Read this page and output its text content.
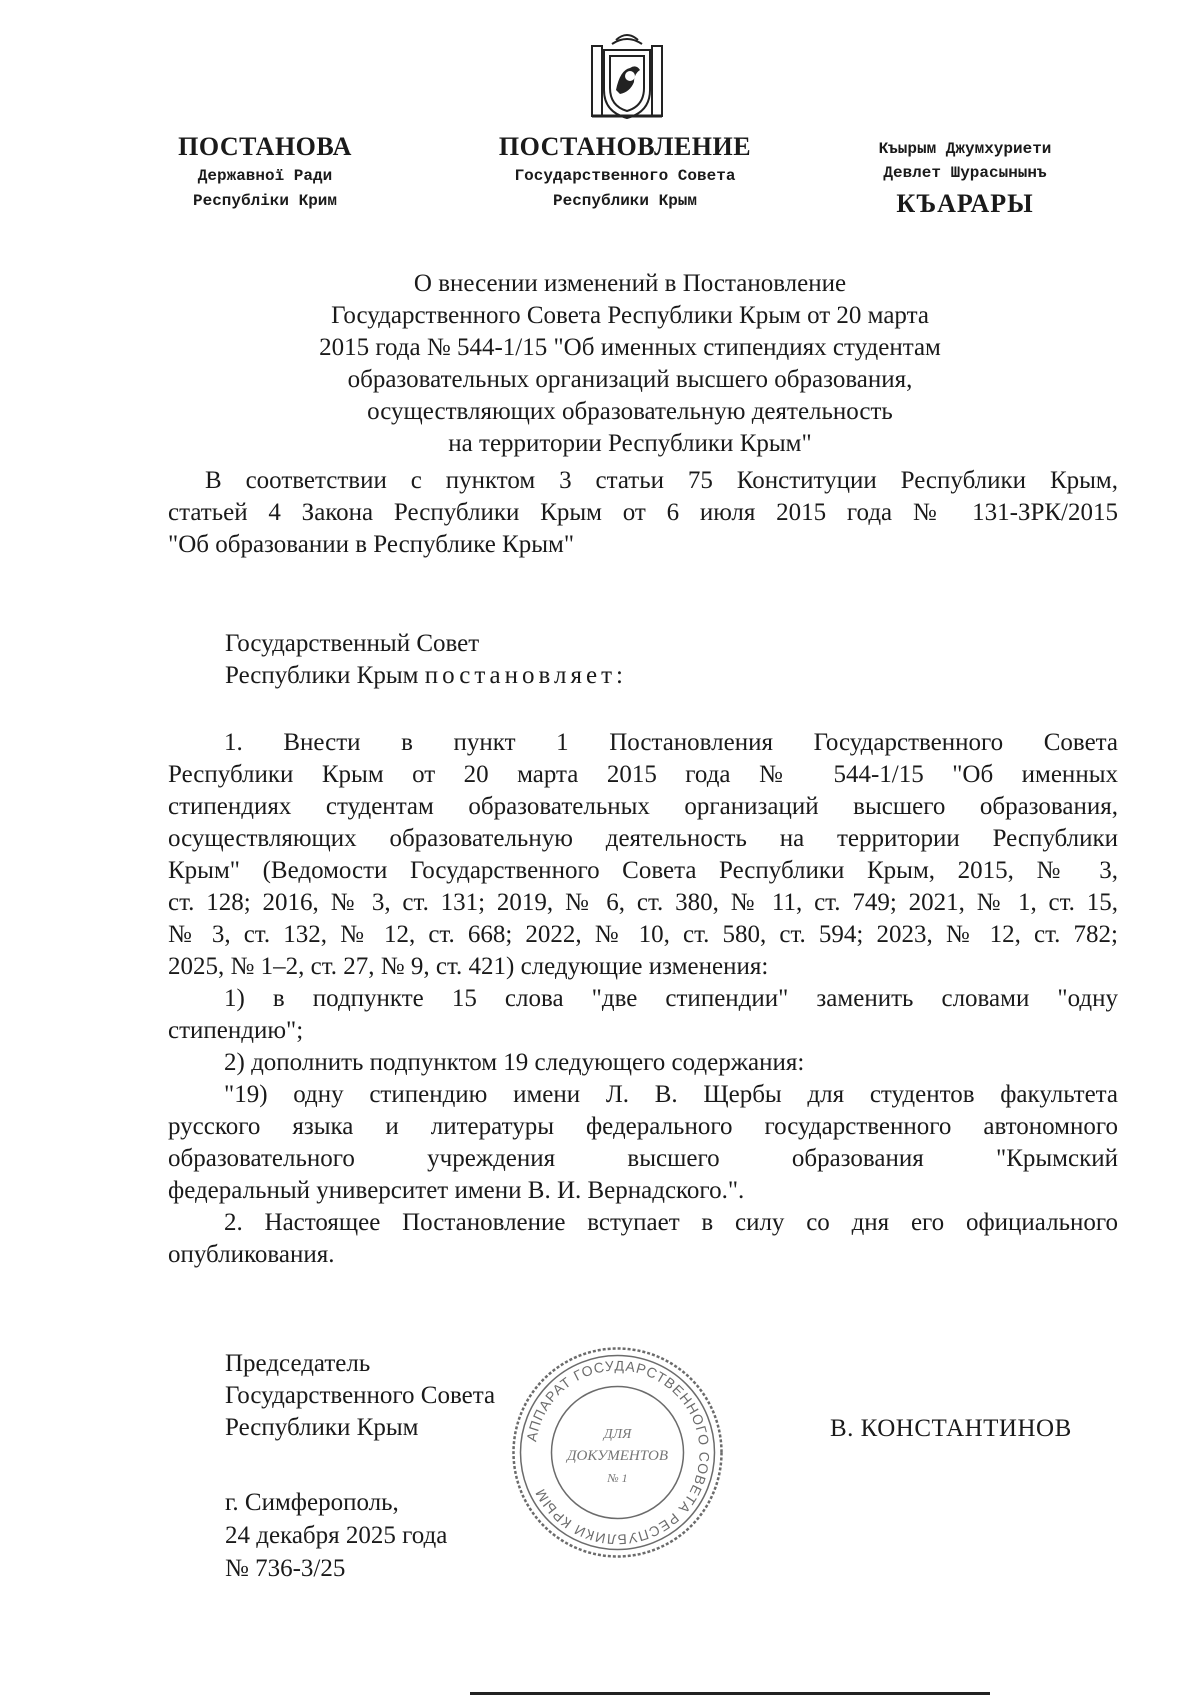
ПОСТАНОВА
Державної Ради
Республіки Крим
ПОСТАНОВЛЕНИЕ
Государственного Совета
Республики Крым
Къырым Джумхуриети
Девлет Шурасынынъ
КЪАРАРЫ
О внесении изменений в Постановление
Государственного Совета Республики Крым от 20 марта
2015 года № 544-1/15 "Об именных стипендиях студентам
образовательных организаций высшего образования,
осуществляющих образовательную деятельность
на территории Республики Крым"
В соответствии с пунктом 3 статьи 75 Конституции Республики Крым,
статьей 4 Закона Республики Крым от 6 июля 2015 года № 131-ЗРК/2015
"Об образовании в Республике Крым"
Государственный Совет
Республики Крым постановляет:
1. Внести в пункт 1 Постановления Государственного Совета
Республики Крым от 20 марта 2015 года № 544-1/15 "Об именных
стипендиях студентам образовательных организаций высшего образования,
осуществляющих образовательную деятельность на территории Республики
Крым" (Ведомости Государственного Совета Республики Крым, 2015, № 3,
ст. 128; 2016, № 3, ст. 131; 2019, № 6, ст. 380, № 11, ст. 749; 2021, № 1, ст. 15,
№ 3, ст. 132, № 12, ст. 668; 2022, № 10, ст. 580, ст. 594; 2023, № 12, ст. 782;
2025, № 1–2, ст. 27, № 9, ст. 421) следующие изменения:
1) в подпункте 15 слова "две стипендии" заменить словами "одну
стипендию";
2) дополнить подпунктом 19 следующего содержания:
"19) одну стипендию имени Л. В. Щербы для студентов факультета
русского языка и литературы федерального государственного автономного
образовательного учреждения высшего образования "Крымский
федеральный университет имени В. И. Вернадского.".
2. Настоящее Постановление вступает в силу со дня его официального
опубликования.
Председатель
Государственного Совета
Республики Крым	В. КОНСТАНТИНОВ
г. Симферополь,
24 декабря 2025 года
№ 736-3/25
АППАРАТ ГОСУДАРСТВЕННОГО СОВЕТА РЕСПУБЛИКИ КРЫМ
ДЛЯ
ДОКУМЕНТОВ
№ 1
